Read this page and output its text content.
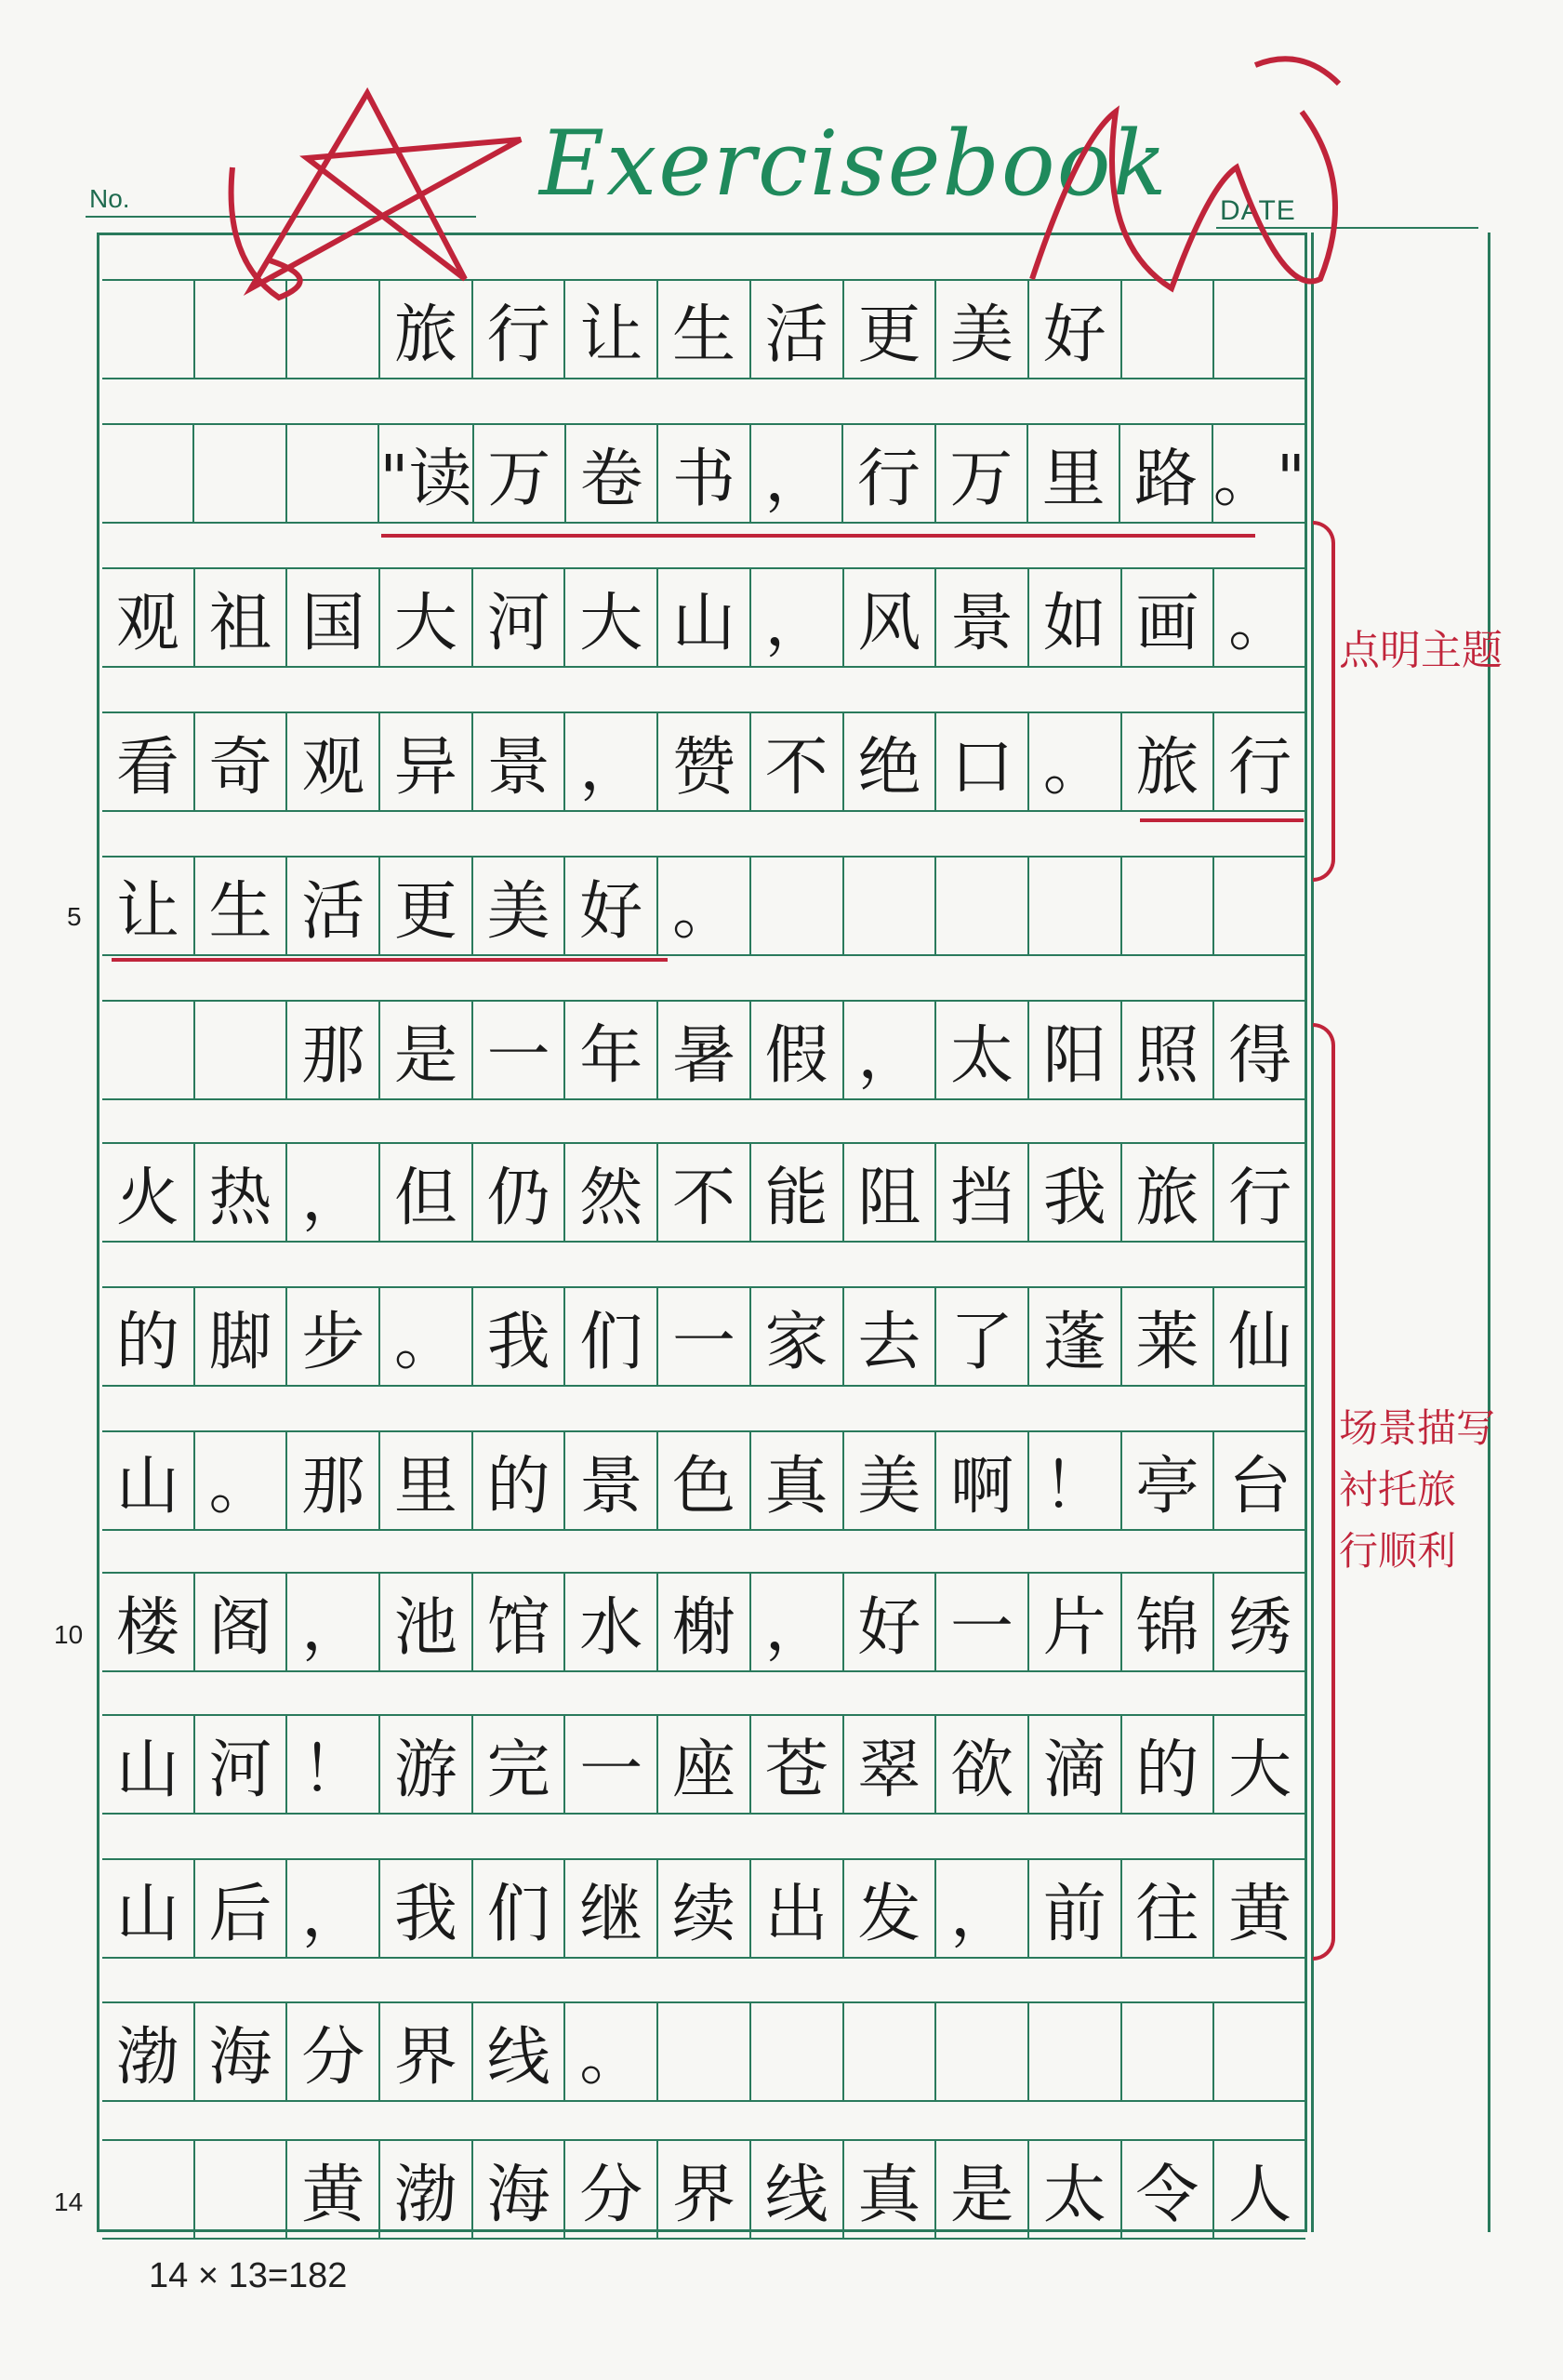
Exercisebook
No.	DATE
旅 行 让 生 活 更 美 好
"读 万 卷 书 ， 行 万 里 路 。"
观 祖 国 大 河 大 山 ， 风 景 如 画 。
看 奇 观 异 景 ， 赞 不 绝 口 。 旅 行
让 生 活 更 美 好 。
那 是 一 年 暑 假 ， 太 阳 照 得
火 热 ， 但 仍 然 不 能 阻 挡 我 旅 行
的 脚 步 。 我 们 一 家 去 了 蓬 莱 仙
山 。 那 里 的 景 色 真 美 啊 ！ 亭 台
楼 阁 ， 池 馆 水 榭 ， 好 一 片 锦 绣
山 河 ！ 游 完 一 座 苍 翠 欲 滴 的 大
山 后 ， 我 们 继 续 出 发 ， 前 往 黄
渤 海 分 界 线 。
黄 渤 海 分 界 线 真 是 太 令 人
5
10
14
14 × 13=182
点明主题
场景描写
衬托旅
行顺利
